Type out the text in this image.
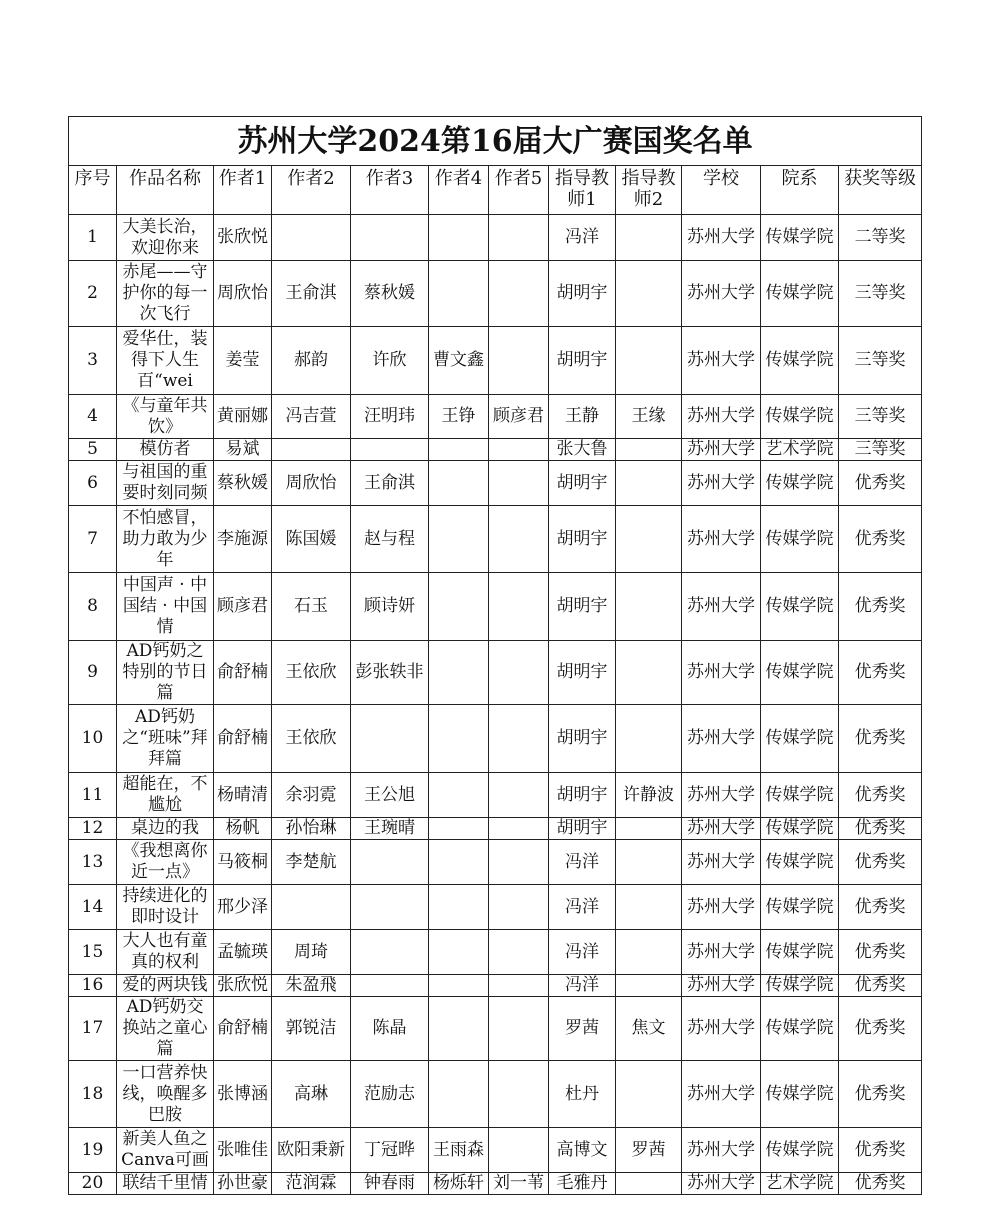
苏州大学2024第16届大广赛国奖名单											
序号	作品名称	作者1	作者2	作者3	作者4	作者5	指导教师1	指导教师2	学校	院系	获奖等级
1	大美长治，欢迎你来	张欣悦					冯洋		苏州大学	传媒学院	二等奖
2	赤尾——守护你的每一次飞行	周欣怡	王俞淇	蔡秋媛			胡明宇		苏州大学	传媒学院	三等奖
3	爱华仕，装得下人生百“wei	姜莹	郝韵	许欣	曹文鑫		胡明宇		苏州大学	传媒学院	三等奖
4	《与童年共饮》	黄丽娜	冯吉萱	汪明玮	王铮	顾彦君	王静	王缘	苏州大学	传媒学院	三等奖
5	模仿者	易斌					张大鲁		苏州大学	艺术学院	三等奖
6	与祖国的重要时刻同频	蔡秋媛	周欣怡	王俞淇			胡明宇		苏州大学	传媒学院	优秀奖
7	不怕感冒，助力敢为少年	李施源	陈国媛	赵与程			胡明宇		苏州大学	传媒学院	优秀奖
8	中国声 · 中国结 · 中国情	顾彦君	石玉	顾诗妍			胡明宇		苏州大学	传媒学院	优秀奖
9	AD钙奶之特别的节日篇	俞舒楠	王依欣	彭张轶非			胡明宇		苏州大学	传媒学院	优秀奖
10	AD钙奶之“班味”拜拜篇	俞舒楠	王依欣				胡明宇		苏州大学	传媒学院	优秀奖
11	超能在，不尴尬	杨晴清	余羽霓	王公旭			胡明宇	许静波	苏州大学	传媒学院	优秀奖
12	桌边的我	杨帆	孙怡琳	王琬晴			胡明宇		苏州大学	传媒学院	优秀奖
13	《我想离你近一点》	马筱桐	李楚航				冯洋		苏州大学	传媒学院	优秀奖
14	持续进化的即时设计	邢少泽					冯洋		苏州大学	传媒学院	优秀奖
15	大人也有童真的权利	孟毓瑛	周琦				冯洋		苏州大学	传媒学院	优秀奖
16	爱的两块钱	张欣悦	朱盈飛				冯洋		苏州大学	传媒学院	优秀奖
17	AD钙奶交换站之童心篇	俞舒楠	郭锐洁	陈晶			罗茜	焦文	苏州大学	传媒学院	优秀奖
18	一口营养快线，唤醒多巴胺	张博涵	高琳	范励志			杜丹		苏州大学	传媒学院	优秀奖
19	新美人鱼之Canva可画	张唯佳	欧阳秉新	丁冠晔	王雨森		高博文	罗茜	苏州大学	传媒学院	优秀奖
20	联结千里情	孙世豪	范润霖	钟春雨	杨烁轩	刘一苇	毛雅丹		苏州大学	艺术学院	优秀奖
